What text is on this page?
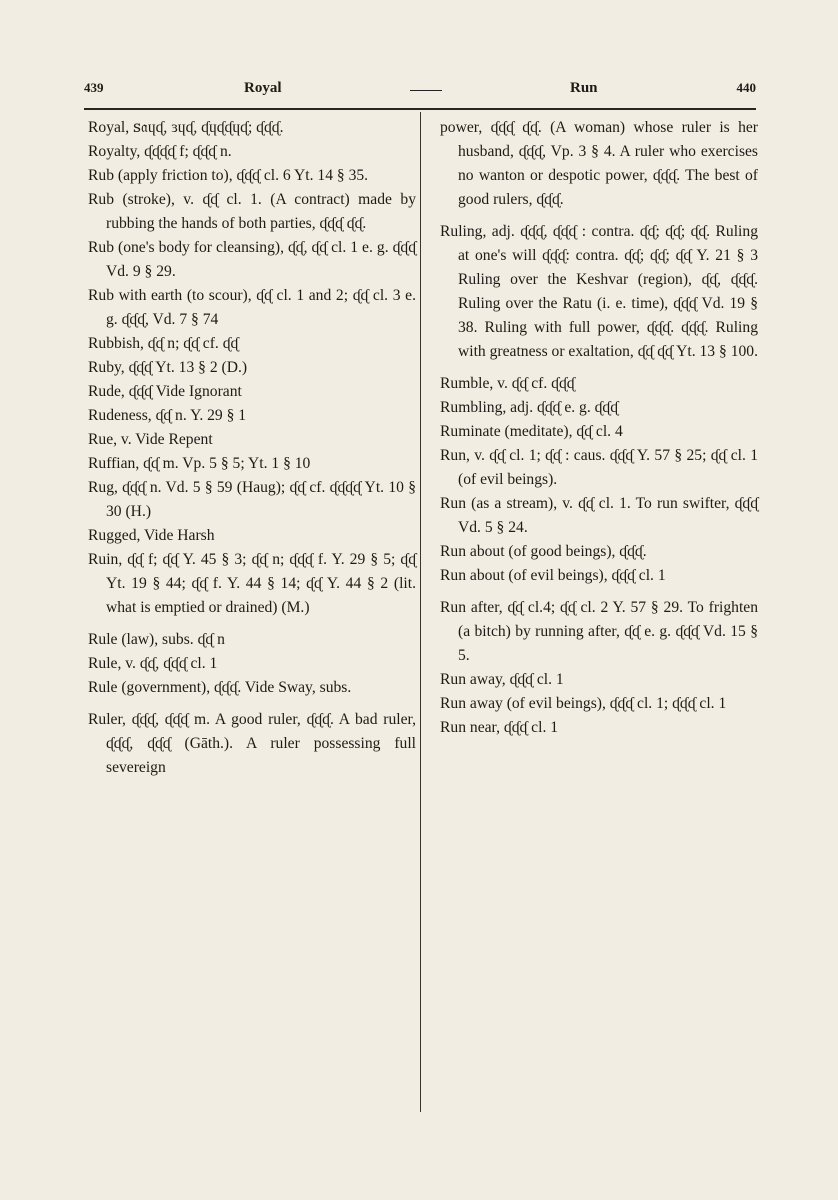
439	Royal	Run	440
Royal, ꜱ𝔞ɥᶑ, ɜɥᶑ, ᶑɥᶑᶑɥᶑ; ᶑᶑᶑ.
Royalty, ᶑᶑᶑᶑ f; ᶑᶑᶑ n.
Rub (apply friction to), ᶑᶑᶑ cl. 6 Yt. 14 § 35.
Rub (stroke), v. ᶑᶑ cl. 1. (A contract) made by rubbing the hands of both parties, ᶑᶑᶑ ᶑᶑ.
Rub (one's body for cleansing), ᶑᶑ, ᶑᶑ cl. 1 e. g. ᶑᶑᶑ Vd. 9 § 29.
Rub with earth (to scour), ᶑᶑ cl. 1 and 2; ᶑᶑ cl. 3 e. g. ᶑᶑᶑ, Vd. 7 § 74
Rubbish, ᶑᶑ n; ᶑᶑ cf. ᶑᶑ
Ruby, ᶑᶑᶑ Yt. 13 § 2 (D.)
Rude, ᶑᶑᶑ Vide Ignorant
Rudeness, ᶑᶑ n. Y. 29 § 1
Rue, v. Vide Repent
Ruffian, ᶑᶑ m. Vp. 5 § 5; Yt. 1 § 10
Rug, ᶑᶑᶑ n. Vd. 5 § 59 (Haug); ᶑᶑ cf. ᶑᶑᶑᶑ Yt. 10 § 30 (H.)
Rugged, Vide Harsh
Ruin, ᶑᶑ f; ᶑᶑ Y. 45 § 3; ᶑᶑ n; ᶑᶑᶑ f. Y. 29 § 5; ᶑᶑ Yt. 19 § 44; ᶑᶑ f. Y. 44 § 14; ᶑᶑ Y. 44 § 2 (lit. what is emptied or drained) (M.)
Rule (law), subs. ᶑᶑ n
Rule, v. ᶑᶑ, ᶑᶑᶑ cl. 1
Rule (government), ᶑᶑᶑ. Vide Sway, subs.
Ruler, ᶑᶑᶑ, ᶑᶑᶑ m. A good ruler, ᶑᶑᶑ. A bad ruler, ᶑᶑᶑ, ᶑᶑᶑ (Gāth.). A ruler possessing full severeign
power, ᶑᶑᶑ ᶑᶑ. (A woman) whose ruler is her husband, ᶑᶑᶑ, Vp. 3 § 4. A ruler who exercises no wanton or despotic power, ᶑᶑᶑ. The best of good rulers, ᶑᶑᶑ.
Ruling, adj. ᶑᶑᶑ, ᶑᶑᶑ : contra. ᶑᶑ; ᶑᶑ; ᶑᶑ. Ruling at one's will ᶑᶑᶑ: contra. ᶑᶑ; ᶑᶑ; ᶑᶑ Y. 21 § 3 Ruling over the Keshvar (region), ᶑᶑ, ᶑᶑᶑ. Ruling over the Ratu (i. e. time), ᶑᶑᶑ Vd. 19 § 38. Ruling with full power, ᶑᶑᶑ. ᶑᶑᶑ. Ruling with greatness or exaltation, ᶑᶑ ᶑᶑ Yt. 13 § 100.
Rumble, v. ᶑᶑ cf. ᶑᶑᶑ
Rumbling, adj. ᶑᶑᶑ e. g. ᶑᶑᶑ
Ruminate (meditate), ᶑᶑ cl. 4
Run, v. ᶑᶑ cl. 1; ᶑᶑ : caus. ᶑᶑᶑ Y. 57 § 25; ᶑᶑ cl. 1 (of evil beings).
Run (as a stream), v. ᶑᶑ cl. 1. To run swifter, ᶑᶑᶑ Vd. 5 § 24.
Run about (of good beings), ᶑᶑᶑ.
Run about (of evil beings), ᶑᶑᶑ cl. 1
Run after, ᶑᶑ cl.4; ᶑᶑ cl. 2 Y. 57 § 29. To frighten (a bitch) by running after, ᶑᶑ e. g. ᶑᶑᶑ Vd. 15 § 5.
Run away, ᶑᶑᶑ cl. 1
Run away (of evil beings), ᶑᶑᶑ cl. 1; ᶑᶑᶑ cl. 1
Run near, ᶑᶑᶑ cl. 1
